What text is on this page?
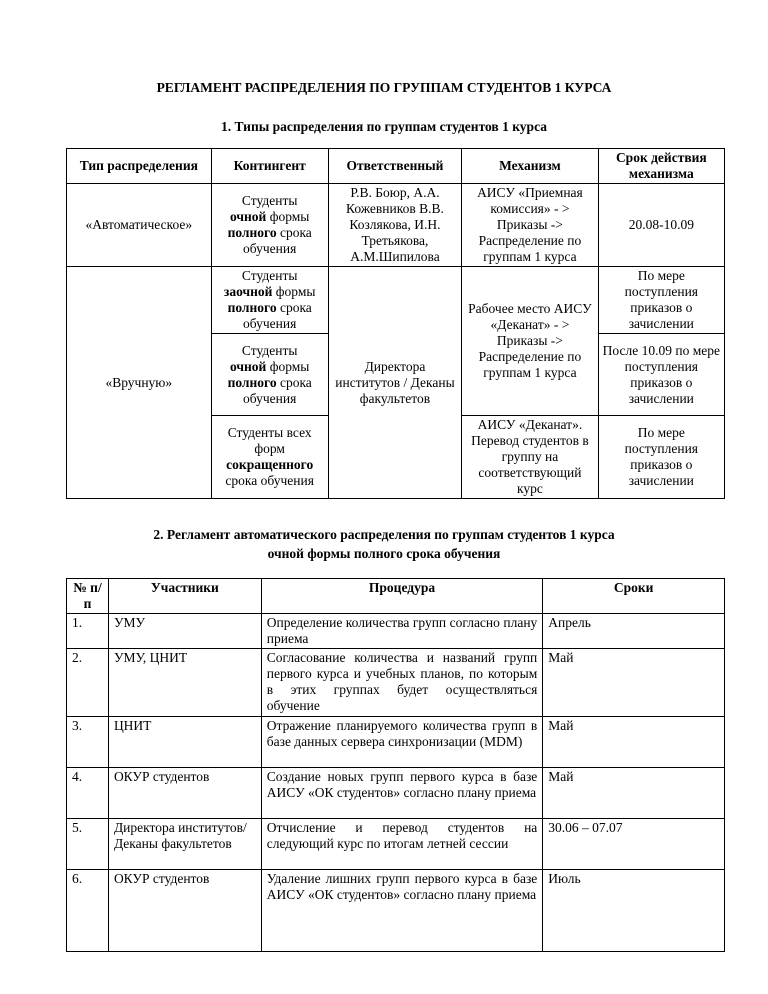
РЕГЛАМЕНТ РАСПРЕДЕЛЕНИЯ ПО ГРУППАМ СТУДЕНТОВ 1 КУРСА
1. Типы распределения по группам студентов 1 курса
Тип распределения	Контингент	Ответственный	Механизм	Срок действия механизма
«Автоматическое»	Студенты
очной формы
полного срока обучения	Р.В. Боюр, А.А. Кожевников В.В. Козлякова, И.Н. Третьякова, А.М.Шипилова	АИСУ «Приемная комиссия» - > Приказы -> Распределение по группам 1 курса	20.08-10.09
«Вручную»	Студенты
заочной формы
полного срока обучения	Директора институтов / Деканы факультетов	Рабочее место АИСУ «Деканат» - > Приказы -> Распределение по группам 1 курса	По мере поступления приказов о зачислении
	Студенты
очной формы
полного срока обучения			После 10.09 по мере поступления приказов о зачислении
	Студенты всех форм
сокращенного
срока обучения		АИСУ «Деканат». Перевод студентов в группу на соответствующий курс	По мере поступления приказов о зачислении
2. Регламент автоматического распределения по группам студентов 1 курса
очной формы полного срока обучения
№ п/п	Участники	Процедура	Сроки
1.	УМУ	Определение количества групп согласно плану приема	Апрель
2.	УМУ, ЦНИТ	Согласование количества и названий групп первого курса и учебных планов, по которым в этих группах будет осуществляться обучение	Май
3.	ЦНИТ	Отражение планируемого количества групп в базе данных сервера синхронизации (MDM)	Май
4.	ОКУР студентов	Создание новых групп первого курса в базе АИСУ «ОК студентов» согласно плану приема	Май
5.	Директора институтов/ Деканы факультетов	Отчисление и перевод студентов на следующий курс по итогам летней сессии	30.06 – 07.07
6.	ОКУР студентов	Удаление лишних групп первого курса в базе АИСУ «ОК студентов» согласно плану приема	Июль
